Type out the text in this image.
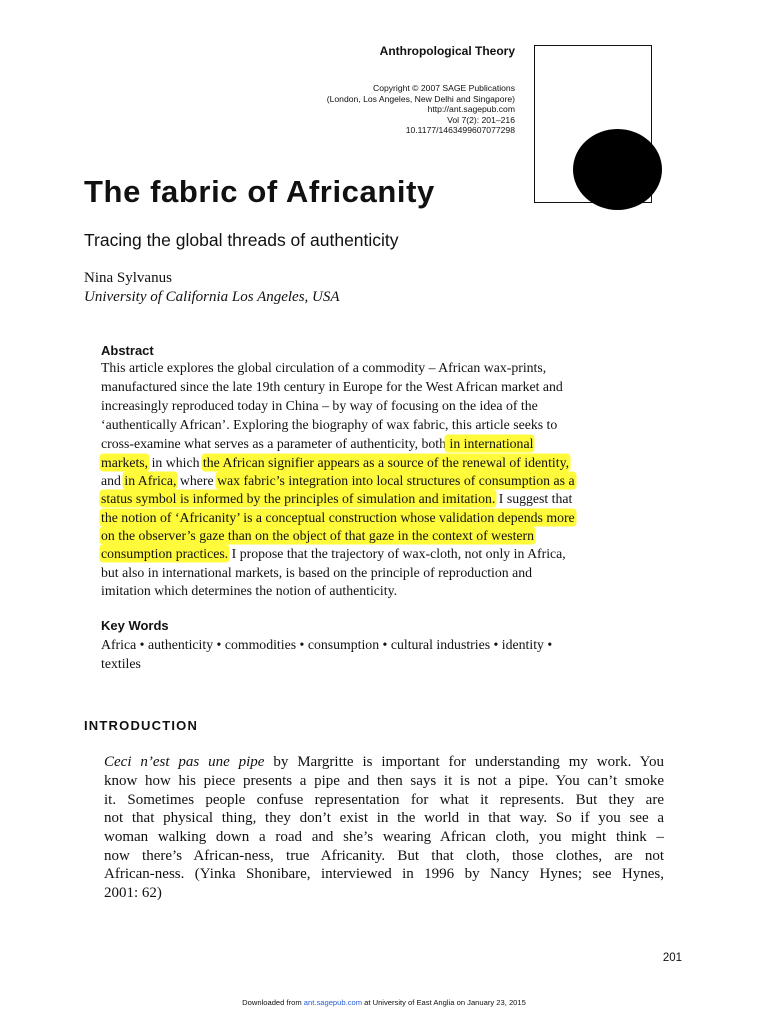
Anthropological Theory
Copyright © 2007 SAGE Publications
(London, Los Angeles, New Delhi and Singapore)
http://ant.sagepub.com
Vol 7(2): 201–216
10.1177/1463499607077298
The fabric of Africanity
Tracing the global threads of authenticity
Nina Sylvanus
University of California Los Angeles, USA
Abstract
This article explores the global circulation of a commodity – African wax-prints,
manufactured since the late 19th century in Europe for the West African market and
increasingly reproduced today in China – by way of focusing on the idea of the
‘authentically African’. Exploring the biography of wax fabric, this article seeks to
cross-examine what serves as a parameter of authenticity, both in international
markets, in which the African signifier appears as a source of the renewal of identity,
and in Africa, where wax fabric’s integration into local structures of consumption as a
status symbol is informed by the principles of simulation and imitation. I suggest that
the notion of ‘Africanity’ is a conceptual construction whose validation depends more
on the observer’s gaze than on the object of that gaze in the context of western
consumption practices. I propose that the trajectory of wax-cloth, not only in Africa,
but also in international markets, is based on the principle of reproduction and
imitation which determines the notion of authenticity.
Key Words
Africa • authenticity • commodities • consumption • cultural industries • identity •
textiles
INTRODUCTION
Ceci n’est pas une pipe by Margritte is important for understanding my work. You
know how his piece presents a pipe and then says it is not a pipe. You can’t smoke
it. Sometimes people confuse representation for what it represents. But they are
not that physical thing, they don’t exist in the world in that way. So if you see a
woman walking down a road and she’s wearing African cloth, you might think –
now there’s African-ness, true Africanity. But that cloth, those clothes, are not
African-ness. (Yinka Shonibare, interviewed in 1996 by Nancy Hynes; see Hynes,
2001: 62)
201
Downloaded from ant.sagepub.com at University of East Anglia on January 23, 2015
